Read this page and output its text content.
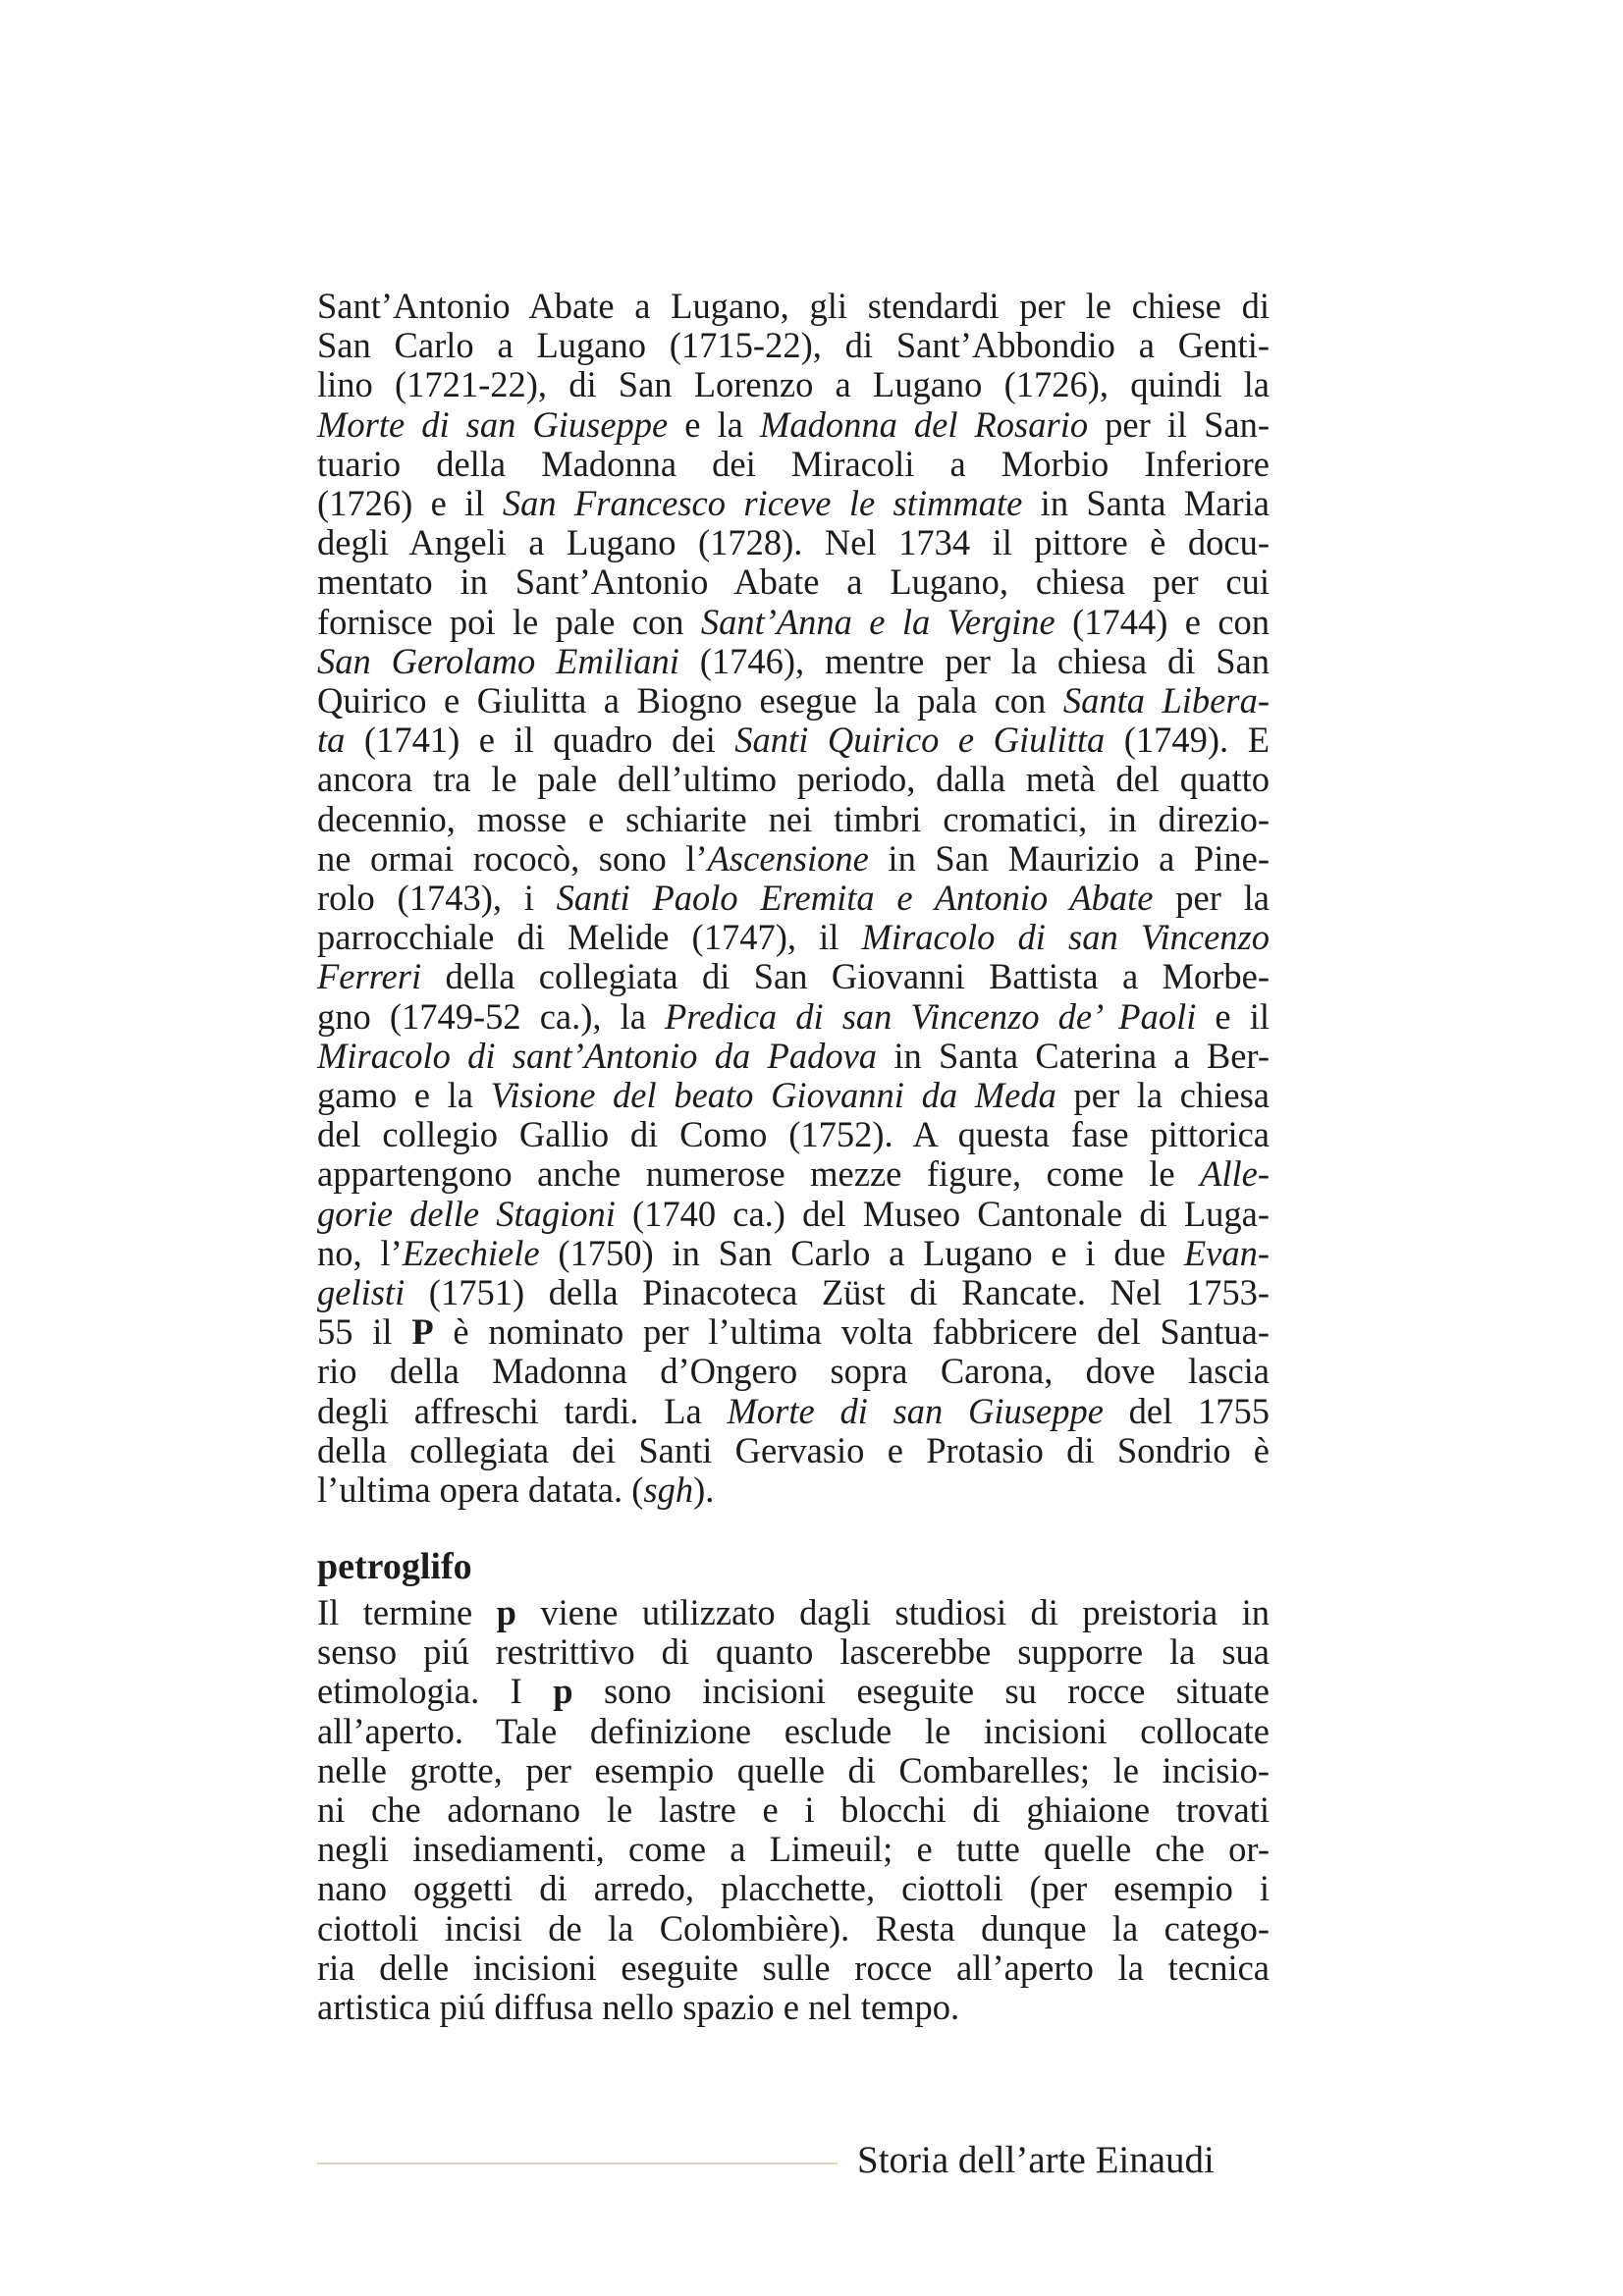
Sant’Antonio Abate a Lugano, gli stendardi per le chiese di
San Carlo a Lugano (1715-22), di Sant’Abbondio a Genti-
lino (1721-22), di San Lorenzo a Lugano (1726), quindi la
Morte di san Giuseppe e la Madonna del Rosario per il San-
tuario della Madonna dei Miracoli a Morbio Inferiore
(1726) e il San Francesco riceve le stimmate in Santa Maria
degli Angeli a Lugano (1728). Nel 1734 il pittore è docu-
mentato in Sant’Antonio Abate a Lugano, chiesa per cui
fornisce poi le pale con Sant’Anna e la Vergine (1744) e con
San Gerolamo Emiliani (1746), mentre per la chiesa di San
Quirico e Giulitta a Biogno esegue la pala con Santa Libera-
ta (1741) e il quadro dei Santi Quirico e Giulitta (1749). E
ancora tra le pale dell’ultimo periodo, dalla metà del quatto
decennio, mosse e schiarite nei timbri cromatici, in direzio-
ne ormai rococò, sono l’Ascensione in San Maurizio a Pine-
rolo (1743), i Santi Paolo Eremita e Antonio Abate per la
parrocchiale di Melide (1747), il Miracolo di san Vincenzo
Ferreri della collegiata di San Giovanni Battista a Morbe-
gno (1749-52 ca.), la Predica di san Vincenzo de’ Paoli e il
Miracolo di sant’Antonio da Padova in Santa Caterina a Ber-
gamo e la Visione del beato Giovanni da Meda per la chiesa
del collegio Gallio di Como (1752). A questa fase pittorica
appartengono anche numerose mezze figure, come le Alle-
gorie delle Stagioni (1740 ca.) del Museo Cantonale di Luga-
no, l’Ezechiele (1750) in San Carlo a Lugano e i due Evan-
gelisti (1751) della Pinacoteca Züst di Rancate. Nel 1753-
55 il P è nominato per l’ultima volta fabbricere del Santua-
rio della Madonna d’Ongero sopra Carona, dove lascia
degli affreschi tardi. La Morte di san Giuseppe del 1755
della collegiata dei Santi Gervasio e Protasio di Sondrio è
l’ultima opera datata. (sgh).

petroglifo

Il termine p viene utilizzato dagli studiosi di preistoria in
senso piú restrittivo di quanto lascerebbe supporre la sua
etimologia. I p sono incisioni eseguite su rocce situate
all’aperto. Tale definizione esclude le incisioni collocate
nelle grotte, per esempio quelle di Combarelles; le incisio-
ni che adornano le lastre e i blocchi di ghiaione trovati
negli insediamenti, come a Limeuil; e tutte quelle che or-
nano oggetti di arredo, placchette, ciottoli (per esempio i
ciottoli incisi de la Colombière). Resta dunque la catego-
ria delle incisioni eseguite sulle rocce all’aperto la tecnica
artistica piú diffusa nello spazio e nel tempo.

Storia dell’arte Einaudi
